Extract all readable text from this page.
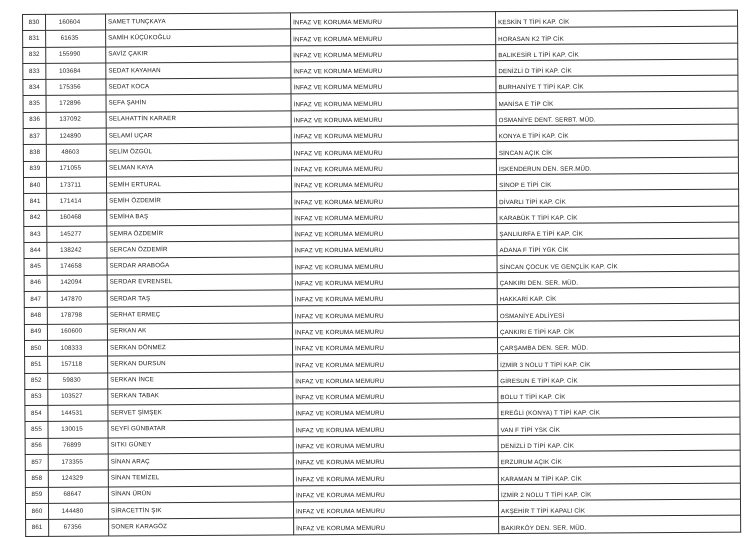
830	160604	SAMET TUNÇKAYA	İNFAZ VE KORUMA MEMURU	KESKİN T TİPİ KAP. CİK
831	61635	SAMİH KÜÇÜKOĞLU	İNFAZ VE KORUMA MEMURU	HORASAN K2 TİP CİK
832	155990	SAVİZ ÇAKIR	İNFAZ VE KORUMA MEMURU	BALIKESİR L TİPİ KAP. CİK
833	103684	SEDAT KAYAHAN	İNFAZ VE KORUMA MEMURU	DENİZLİ D TİPİ KAP. CİK
834	175356	SEDAT KOCA	İNFAZ VE KORUMA MEMURU	BURHANİYE T TİPİ KAP. CİK
835	172896	SEFA ŞAHİN	İNFAZ VE KORUMA MEMURU	MANİSA E TİP CİK
836	137092	SELAHATTİN KARAER	İNFAZ VE KORUMA MEMURU	OSMANİYE DENT. SERBT. MÜD.
837	124890	SELAMİ UÇAR	İNFAZ VE KORUMA MEMURU	KONYA E TİPİ KAP. CİK
838	48603	SELİM ÖZGÜL	İNFAZ VE KORUMA MEMURU	SİNCAN AÇIK CİK
839	171055	SELMAN KAYA	İNFAZ VE KORUMA MEMURU	İSKENDERUN DEN. SER.MÜD.
840	173711	SEMİH ERTURAL	İNFAZ VE KORUMA MEMURU	SİNOP E TİPİ CİK
841	171414	SEMİH ÖZDEMİR	İNFAZ VE KORUMA MEMURU	DİVARLI TİPİ KAP. CİK
842	160468	SEMİHA BAŞ	İNFAZ VE KORUMA MEMURU	KARABÜK T TİPİ KAP. CİK
843	145277	SEMRA ÖZDEMİR	İNFAZ VE KORUMA MEMURU	ŞANLIURFA E TİPİ KAP. CİK
844	138242	SERCAN ÖZDEMİR	İNFAZ VE KORUMA MEMURU	ADANA F TİPİ YGK CİK
845	174658	SERDAR ARABOĞA	İNFAZ VE KORUMA MEMURU	SİNCAN ÇOCUK VE GENÇLİK KAP. CİK
846	142094	SERDAR EVRENSEL	İNFAZ VE KORUMA MEMURU	ÇANKIRI DEN. SER. MÜD.
847	147870	SERDAR TAŞ	İNFAZ VE KORUMA MEMURU	HAKKARİ KAP. CİK
848	178798	SERHAT ERMEÇ	İNFAZ VE KORUMA MEMURU	OSMANİYE ADLİYESİ
849	160600	SERKAN AK	İNFAZ VE KORUMA MEMURU	ÇANKIRI E TİPİ KAP. CİK
850	108333	SERKAN DÖNMEZ	İNFAZ VE KORUMA MEMURU	ÇARŞAMBA DEN. SER. MÜD.
851	157118	SERKAN DURSUN	İNFAZ VE KORUMA MEMURU	İZMİR 3 NOLU T TİPİ KAP. CİK
852	59830	SERKAN İNCE	İNFAZ VE KORUMA MEMURU	GİRESUN E TİPİ KAP. CİK
853	103527	SERKAN TABAK	İNFAZ VE KORUMA MEMURU	BOLU T TİPİ KAP. CİK
854	144531	SERVET ŞİMŞEK	İNFAZ VE KORUMA MEMURU	EREĞLİ (KONYA) T TİPİ KAP. CİK
855	130015	SEYFİ GÜNBATAR	İNFAZ VE KORUMA MEMURU	VAN F TİPİ YSK CİK
856	76899	SITKI GÜNEY	İNFAZ VE KORUMA MEMURU	DENİZLİ D TİPİ KAP. CİK
857	173355	SİNAN ARAÇ	İNFAZ VE KORUMA MEMURU	ERZURUM AÇIK CİK
858	124329	SİNAN TEMİZEL	İNFAZ VE KORUMA MEMURU	KARAMAN M TİPİ KAP. CİK
859	68647	SİNAN ÜRÜN	İNFAZ VE KORUMA MEMURU	İZMİR 2 NOLU T TİPİ KAP. CİK
860	144480	SİRACETTİN ŞIK	İNFAZ VE KORUMA MEMURU	AKŞEHİR T TİPİ KAPALI CİK
861	67356	SONER KARAGÖZ	İNFAZ VE KORUMA MEMURU	BAKIRKÖY DEN. SER. MÜD.
